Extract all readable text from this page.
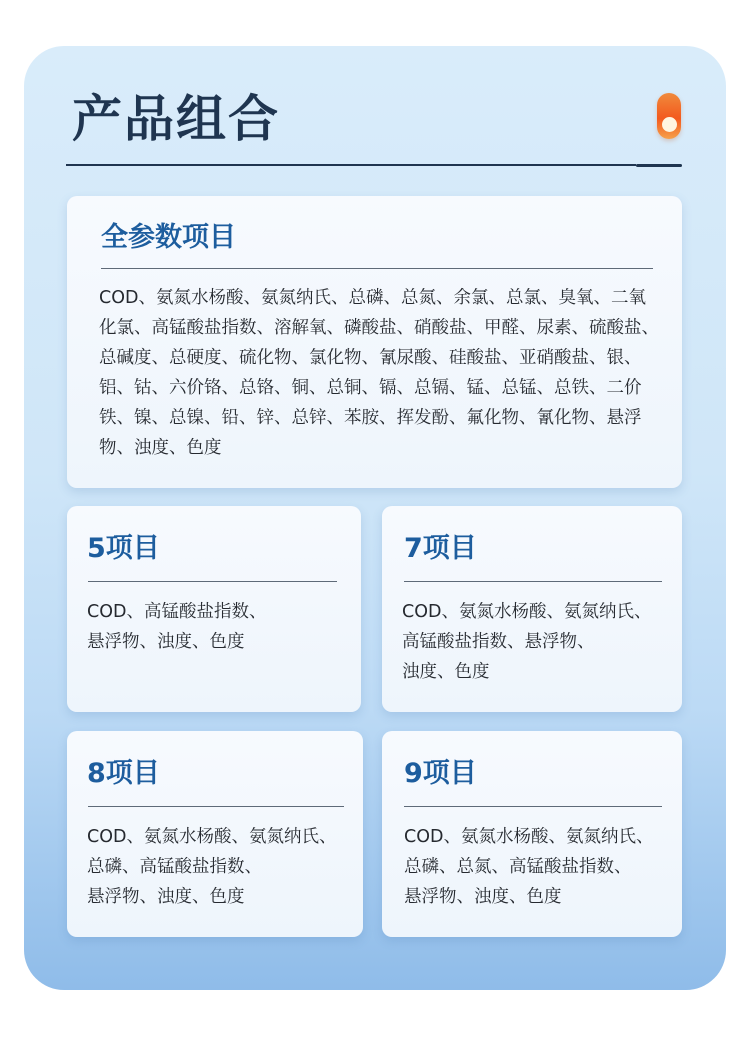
产品组合
全参数项目

COD、氨氮水杨酸、氨氮纳氏、总磷、总氮、余氯、总氯、臭氧、二氧化氯、高锰酸盐指数、溶解氧、磷酸盐、硝酸盐、甲醛、尿素、硫酸盐、总碱度、总硬度、硫化物、氯化物、氰尿酸、硅酸盐、亚硝酸盐、银、铝、钴、六价铬、总铬、铜、总铜、镉、总镉、锰、总锰、总铁、二价铁、镍、总镍、铅、锌、总锌、苯胺、挥发酚、氟化物、氰化物、悬浮物、浊度、色度

5项目

COD、高锰酸盐指数、
悬浮物、浊度、色度

7项目

COD、氨氮水杨酸、氨氮纳氏、
高锰酸盐指数、悬浮物、
浊度、色度

8项目

COD、氨氮水杨酸、氨氮纳氏、
总磷、高锰酸盐指数、
悬浮物、浊度、色度

9项目

COD、氨氮水杨酸、氨氮纳氏、
总磷、总氮、高锰酸盐指数、
悬浮物、浊度、色度
